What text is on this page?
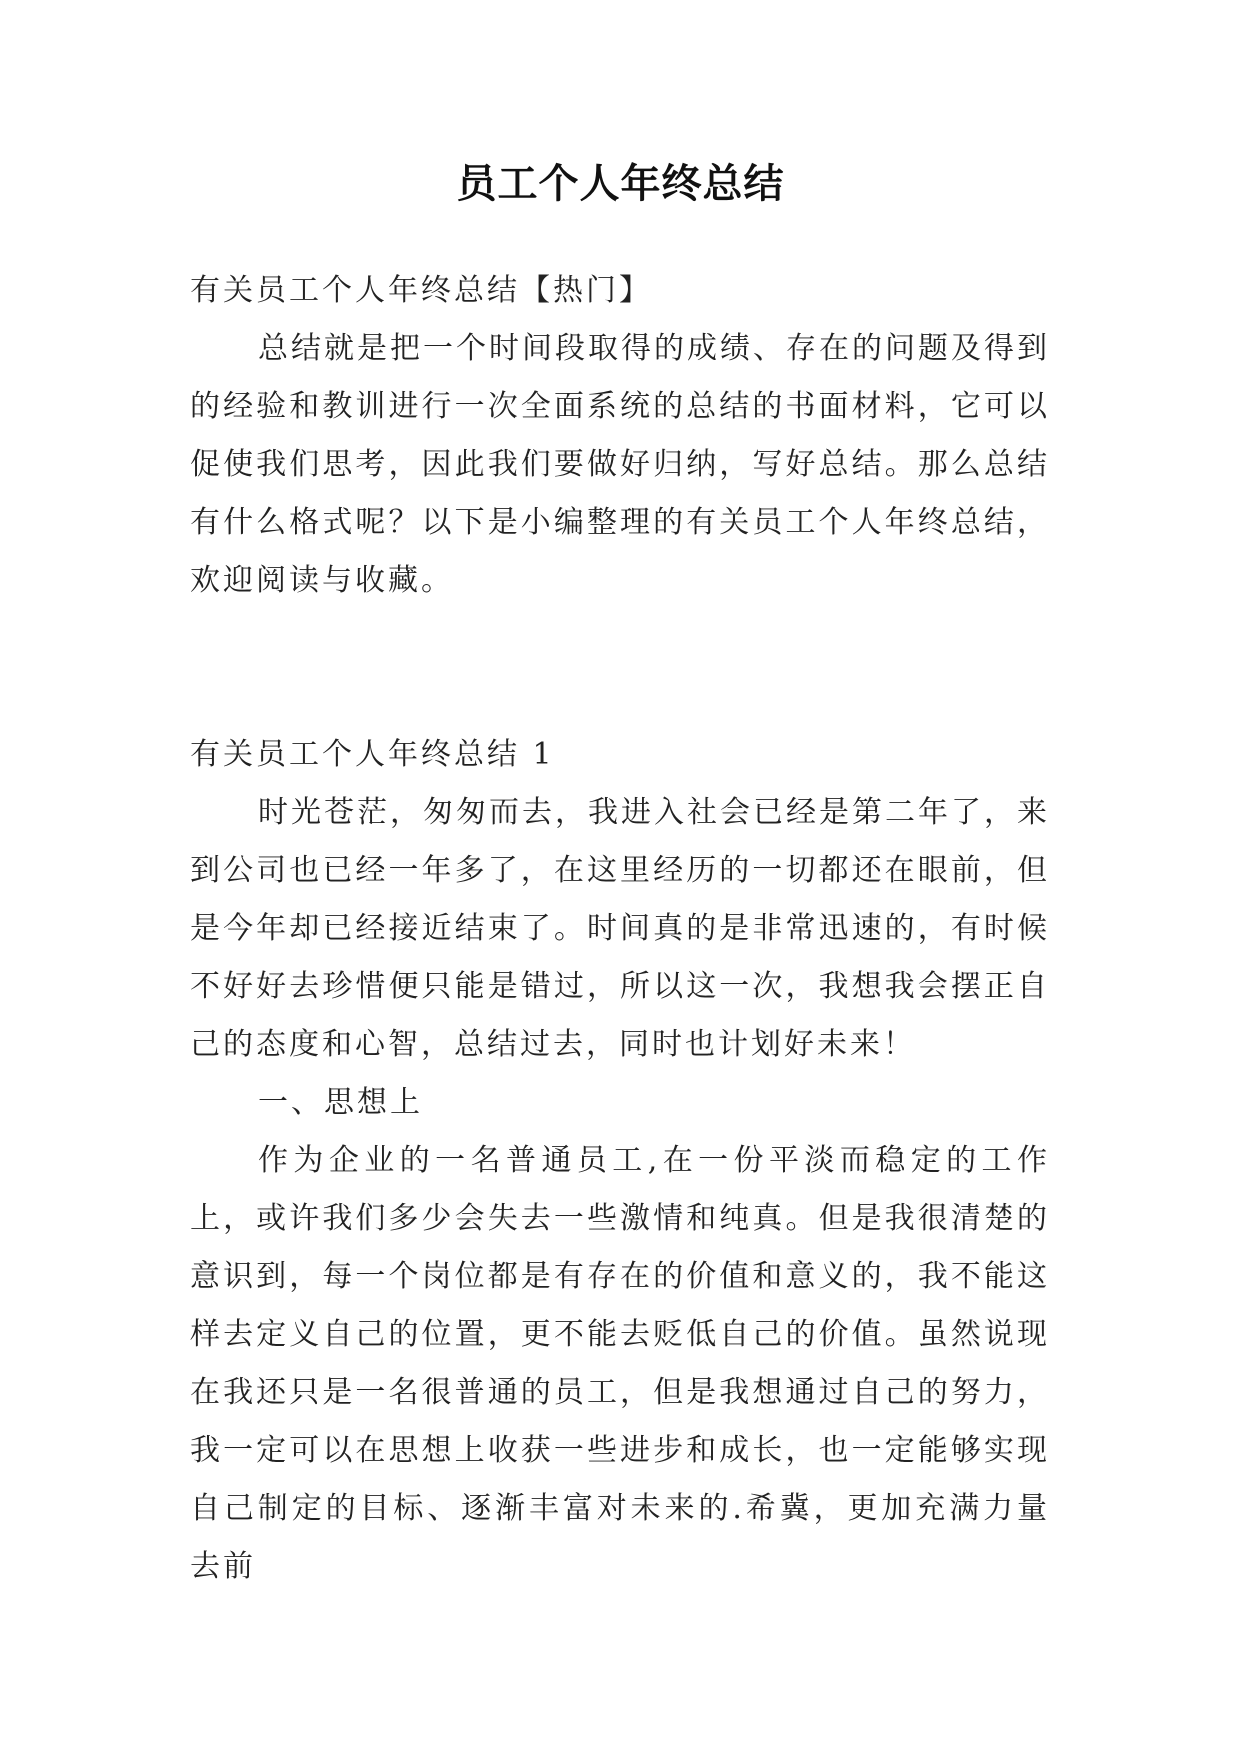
员工个人年终总结

有关员工个人年终总结【热门】

总结就是把一个时间段取得的成绩、存在的问题及得到的经验和教训进行一次全面系统的总结的书面材料，它可以促使我们思考，因此我们要做好归纳，写好总结。那么总结有什么格式呢？以下是小编整理的有关员工个人年终总结，欢迎阅读与收藏。

有关员工个人年终总结 1

时光苍茫，匆匆而去，我进入社会已经是第二年了，来到公司也已经一年多了，在这里经历的一切都还在眼前，但是今年却已经接近结束了。时间真的是非常迅速的，有时候不好好去珍惜便只能是错过，所以这一次，我想我会摆正自己的态度和心智，总结过去，同时也计划好未来！

一、思想上

作为企业的一名普通员工,在一份平淡而稳定的工作上，或许我们多少会失去一些激情和纯真。但是我很清楚的意识到，每一个岗位都是有存在的价值和意义的，我不能这样去定义自己的位置，更不能去贬低自己的价值。虽然说现在我还只是一名很普通的员工，但是我想通过自己的努力，我一定可以在思想上收获一些进步和成长，也一定能够实现自己制定的目标、逐渐丰富对未来的.希冀，更加充满力量去前
